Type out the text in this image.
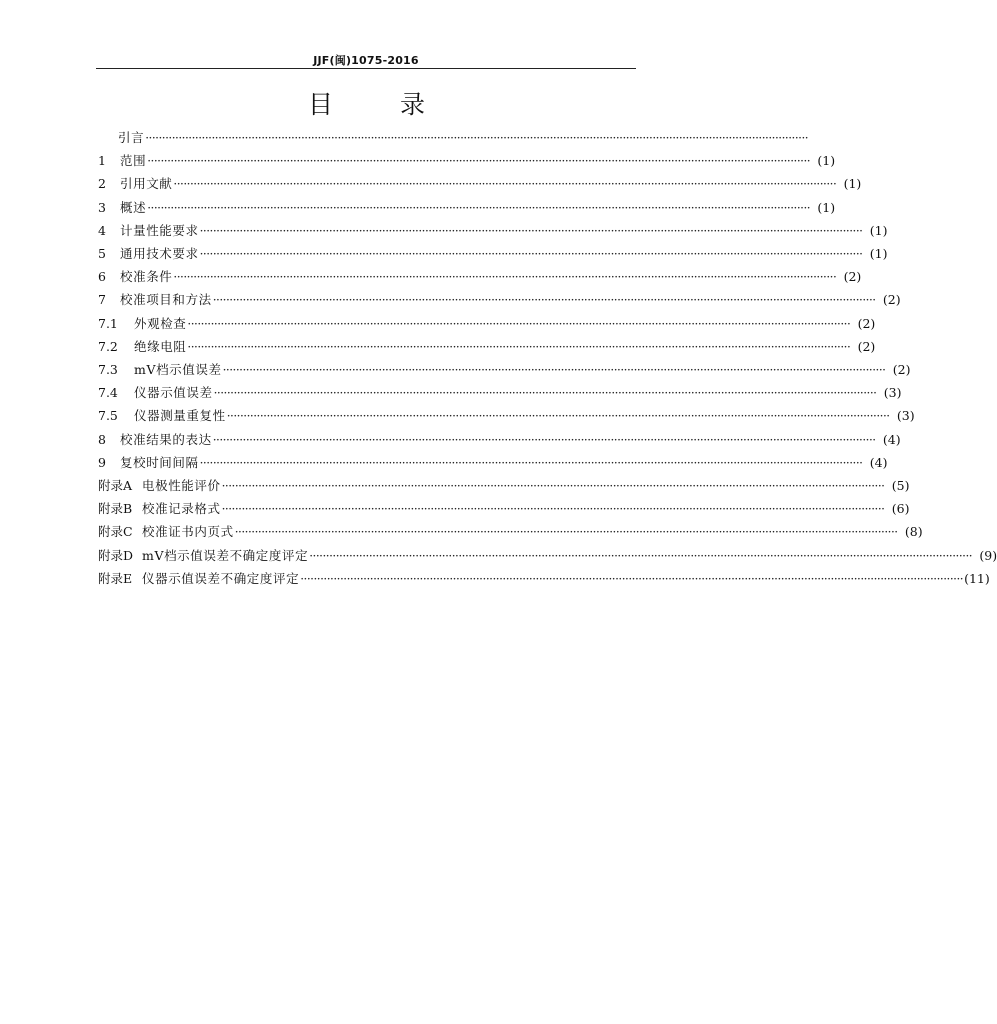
JJF(闽)1075-2016
目	录
引言 ········································································································································································································
1	范围 ········································································································································································································ (1)
2	引用文献 ········································································································································································································ (1)
3	概述 ········································································································································································································ (1)
4	计量性能要求 ········································································································································································································ (1)
5	通用技术要求 ········································································································································································································ (1)
6	校准条件 ········································································································································································································ (2)
7	校准项目和方法 ········································································································································································································ (2)
7.1	外观检查 ········································································································································································································ (2)
7.2	绝缘电阻 ········································································································································································································ (2)
7.3	mV档示值误差 ········································································································································································································ (2)
7.4	仪器示值误差 ········································································································································································································ (3)
7.5	仪器测量重复性 ········································································································································································································ (3)
8	校准结果的表达 ········································································································································································································ (4)
9	复校时间间隔 ········································································································································································································ (4)
附录A 电极性能评价 ········································································································································································································ (5)
附录B 校准记录格式 ········································································································································································································ (6)
附录C 校准证书内页式 ········································································································································································································ (8)
附录D mV档示值误差不确定度评定 ········································································································································································································ (9)
附录E 仪器示值误差不确定度评定 ········································································································································································································ (11)
